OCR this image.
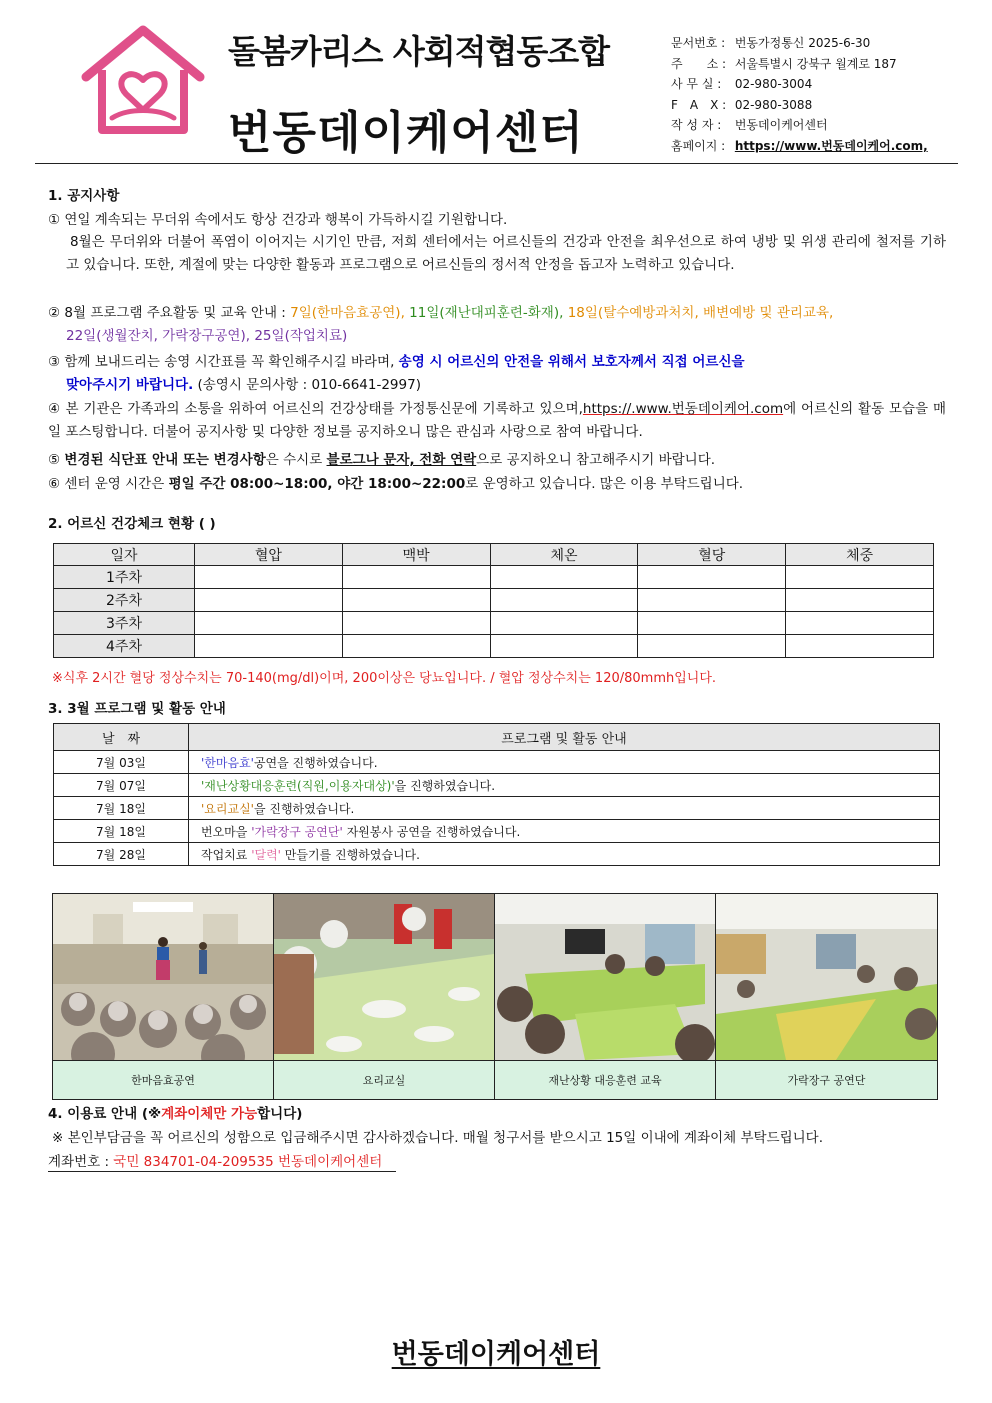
돌봄카리스 사회적협동조합
번동데이케어센터
문서번호 : 번동가정통신 2025-6-30
주　　소 : 서울특별시 강북구 월계로 187
사 무 실 : 02-980-3004
F　A　X : 02-980-3088
작 성 자 : 번동데이케어센터
홈페이지 : https://www.번동데이케어.com,
1. 공지사항
① 연일 계속되는 무더위 속에서도 항상 건강과 행복이 가득하시길 기원합니다.
8월은 무더위와 더불어 폭염이 이어지는 시기인 만큼, 저희 센터에서는 어르신들의 건강과 안전을 최우선으로 하여 냉방 및 위생 관리에 철저를 기하고 있습니다. 또한, 계절에 맞는 다양한 활동과 프로그램으로 어르신들의 정서적 안정을 돕고자 노력하고 있습니다.
② 8월 프로그램 주요활동 및 교육 안내 : 7일(한마음효공연), 11일(재난대피훈련-화재), 18일(탈수예방과처치, 배변예방 및 관리교육,
22일(생월잔치, 가락장구공연), 25일(작업치료)
③ 함께 보내드리는 송영 시간표를 꼭 확인해주시길 바라며, 송영 시 어르신의 안전을 위해서 보호자께서 직접 어르신을
맞아주시기 바랍니다. (송영시 문의사항 : 010-6641-2997)
④ 본 기관은 가족과의 소통을 위하여 어르신의 건강상태를 가정통신문에 기록하고 있으며,https://.www.번동데이케어.com에 어르신의 활동 모습을 매일 포스팅합니다. 더불어 공지사항 및 다양한 정보를 공지하오니 많은 관심과 사랑으로 참여 바랍니다.
⑤ 변경된 식단표 안내 또는 변경사항은 수시로 블로그나 문자, 전화 연락으로 공지하오니 참고해주시기 바랍니다.
⑥ 센터 운영 시간은 평일 주간 08:00~18:00, 야간 18:00~22:00로 운영하고 있습니다. 많은 이용 부탁드립니다.
2. 어르신 건강체크 현황 ( )
일자	혈압	맥박	체온	혈당	체중
1주차					
2주차					
3주차					
4주차					
※식후 2시간 혈당 정상수치는 70-140(mg/dl)이며, 200이상은 당뇨입니다. / 혈압 정상수치는 120/80mmh입니다.
3. 3월 프로그램 및 활동 안내
날　짜	프로그램 및 활동 안내
7월 03일	'한마음효'공연을 진행하였습니다.
7월 07일	'재난상황대응훈련(직원,이용자대상)'을 진행하였습니다.
7월 18일	'요리교실'을 진행하였습니다.
7월 18일	번오마을 '가락장구 공연단' 자원봉사 공연을 진행하였습니다.
7월 28일	작업치료 '달력' 만들기를 진행하였습니다.
한마음효공연	요리교실	재난상황 대응훈련 교육	가락장구 공연단
4. 이용료 안내 (※계좌이체만 가능합니다)
※ 본인부담금을 꼭 어르신의 성함으로 입금해주시면 감사하겠습니다. 매월 청구서를 받으시고 15일 이내에 계좌이체 부탁드립니다.
계좌번호 : 국민 834701-04-209535 번동데이케어센터
번동데이케어센터
